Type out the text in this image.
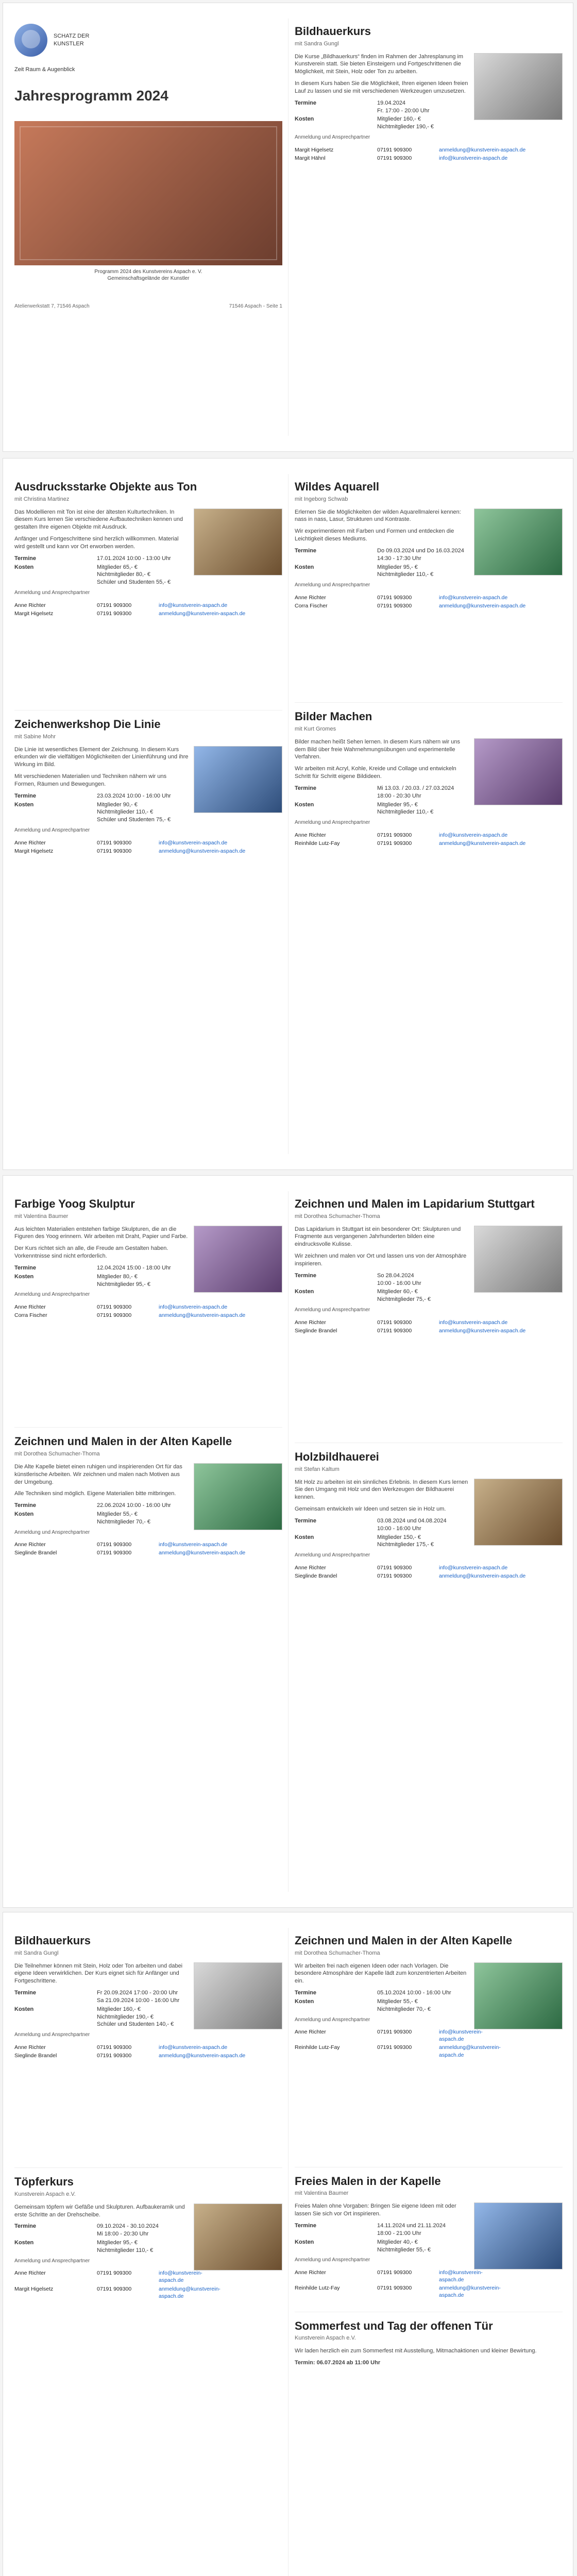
SCHATZ DER
KUNSTLER
Zeit Raum & Augenblick
Jahresprogramm 2024
Programm 2024 des Kunstvereins Aspach e. V.
Gemeinschaftsgelände der Kunstler
Atelierwerkstatt 7, 71546 Aspach	71546 Aspach - Seite 1
Bildhauerkurs
mit Sandra Gungl
Die Kurse „Bildhauerkurs“ finden im Rahmen der Jahresplanung im Kunstverein statt. Sie bieten Einsteigern und Fortgeschrittenen die Möglichkeit, mit Stein, Holz oder Ton zu arbeiten.
In diesem Kurs haben Sie die Möglichkeit, Ihren eigenen Ideen freien Lauf zu lassen und sie mit verschiedenen Werkzeugen umzusetzen.
Termine	19.04.2024
Fr. 17:00 - 20:00 Uhr
Kosten	Mitglieder 160,- €
Nichtmitglieder 190,- €
Anmeldung und Ansprechpartner
Margit Higelsetz	07191 909300	anmeldung@kunstverein-aspach.de
Margit Hähnl	07191 909300	info@kunstverein-aspach.de
Ausdrucksstarke Objekte aus Ton
mit Christina Martinez
Das Modellieren mit Ton ist eine der ältesten Kulturtechniken. In diesem Kurs lernen Sie verschiedene Aufbautechniken kennen und gestalten Ihre eigenen Objekte mit Ausdruck.
Anfänger und Fortgeschrittene sind herzlich willkommen. Material wird gestellt und kann vor Ort erworben werden.
Termine	17.01.2024 10:00 - 13:00 Uhr
Kosten	Mitglieder 65,- €
Nichtmitglieder 80,- €
Schüler und Studenten 55,- €
Anmeldung und Ansprechpartner
Anne Richter	07191 909300	info@kunstverein-aspach.de
Margit Higelsetz	07191 909300	anmeldung@kunstverein-aspach.de
Zeichenwerkshop Die Linie
mit Sabine Mohr
Die Linie ist wesentliches Element der Zeichnung. In diesem Kurs erkunden wir die vielfältigen Möglichkeiten der Linienführung und ihre Wirkung im Bild.
Mit verschiedenen Materialien und Techniken nähern wir uns Formen, Räumen und Bewegungen.
Termine	23.03.2024 10:00 - 16:00 Uhr
Kosten	Mitglieder 90,- €
Nichtmitglieder 110,- €
Schüler und Studenten 75,- €
Anmeldung und Ansprechpartner
Anne Richter	07191 909300	info@kunstverein-aspach.de
Margit Higelsetz	07191 909300	anmeldung@kunstverein-aspach.de
Wildes Aquarell
mit Ingeborg Schwab
Erlernen Sie die Möglichkeiten der wilden Aquarellmalerei kennen: nass in nass, Lasur, Strukturen und Kontraste.
Wir experimentieren mit Farben und Formen und entdecken die Leichtigkeit dieses Mediums.
Termine	Do 09.03.2024 und Do 16.03.2024
14:30 - 17:30 Uhr
Kosten	Mitglieder 95,- €
Nichtmitglieder 110,- €
Anmeldung und Ansprechpartner
Anne Richter	07191 909300	info@kunstverein-aspach.de
Corra Fischer	07191 909300	anmeldung@kunstverein-aspach.de
Bilder Machen
mit Kurt Gromes
Bilder machen heißt Sehen lernen. In diesem Kurs nähern wir uns dem Bild über freie Wahrnehmungsübungen und experimentelle Verfahren.
Wir arbeiten mit Acryl, Kohle, Kreide und Collage und entwickeln Schritt für Schritt eigene Bildideen.
Termine	Mi 13.03. / 20.03. / 27.03.2024
18:00 - 20:30 Uhr
Kosten	Mitglieder 95,- €
Nichtmitglieder 110,- €
Anmeldung und Ansprechpartner
Anne Richter	07191 909300	info@kunstverein-aspach.de
Reinhilde Lutz-Fay	07191 909300	anmeldung@kunstverein-aspach.de
Farbige Yoog Skulptur
mit Valentina Baumer
Aus leichten Materialien entstehen farbige Skulpturen, die an die Figuren des Yoog erinnern. Wir arbeiten mit Draht, Papier und Farbe.
Der Kurs richtet sich an alle, die Freude am Gestalten haben. Vorkenntnisse sind nicht erforderlich.
Termine	12.04.2024 15:00 - 18:00 Uhr
Kosten	Mitglieder 80,- €
Nichtmitglieder 95,- €
Anmeldung und Ansprechpartner
Anne Richter	07191 909300	info@kunstverein-aspach.de
Corra Fischer	07191 909300	anmeldung@kunstverein-aspach.de
Zeichnen und Malen in der Alten Kapelle
mit Dorothea Schumacher-Thoma
Die Alte Kapelle bietet einen ruhigen und inspirierenden Ort für das künstlerische Arbeiten. Wir zeichnen und malen nach Motiven aus der Umgebung.
Alle Techniken sind möglich. Eigene Materialien bitte mitbringen.
Termine	22.06.2024 10:00 - 16:00 Uhr
Kosten	Mitglieder 55,- €
Nichtmitglieder 70,- €
Anmeldung und Ansprechpartner
Anne Richter	07191 909300	info@kunstverein-aspach.de
Sieglinde Brandel	07191 909300	anmeldung@kunstverein-aspach.de
Zeichnen und Malen im Lapidarium Stuttgart
mit Dorothea Schumacher-Thoma
Das Lapidarium in Stuttgart ist ein besonderer Ort: Skulpturen und Fragmente aus vergangenen Jahrhunderten bilden eine eindrucksvolle Kulisse.
Wir zeichnen und malen vor Ort und lassen uns von der Atmosphäre inspirieren.
Termine	So 28.04.2024
10:00 - 16:00 Uhr
Kosten	Mitglieder 60,- €
Nichtmitglieder 75,- €
Anmeldung und Ansprechpartner
Anne Richter	07191 909300	info@kunstverein-aspach.de
Sieglinde Brandel	07191 909300	anmeldung@kunstverein-aspach.de
Holzbildhauerei
mit Stefan Kaltum
Mit Holz zu arbeiten ist ein sinnliches Erlebnis. In diesem Kurs lernen Sie den Umgang mit Holz und den Werkzeugen der Bildhauerei kennen.
Gemeinsam entwickeln wir Ideen und setzen sie in Holz um.
Termine	03.08.2024 und 04.08.2024
10:00 - 16:00 Uhr
Kosten	Mitglieder 150,- €
Nichtmitglieder 175,- €
Anmeldung und Ansprechpartner
Anne Richter	07191 909300	info@kunstverein-aspach.de
Sieglinde Brandel	07191 909300	anmeldung@kunstverein-aspach.de
Bildhauerkurs
mit Sandra Gungl
Die Teilnehmer können mit Stein, Holz oder Ton arbeiten und dabei eigene Ideen verwirklichen. Der Kurs eignet sich für Anfänger und Fortgeschrittene.
Termine	Fr 20.09.2024 17:00 - 20:00 Uhr
Sa 21.09.2024 10:00 - 16:00 Uhr
Kosten	Mitglieder 160,- €
Nichtmitglieder 190,- €
Schüler und Studenten 140,- €
Anmeldung und Ansprechpartner
Anne Richter	07191 909300	info@kunstverein-aspach.de
Sieglinde Brandel	07191 909300	anmeldung@kunstverein-aspach.de
Töpferkurs
Kunstverein Aspach e.V.
Gemeinsam töpfern wir Gefäße und Skulpturen. Aufbaukeramik und erste Schritte an der Drehscheibe.
Termine	09.10.2024 - 30.10.2024
Mi 18:00 - 20:30 Uhr
Kosten	Mitglieder 95,- €
Nichtmitglieder 110,- €
Anmeldung und Ansprechpartner
Anne Richter	07191 909300	info@kunstverein-aspach.de
Margit Higelsetz	07191 909300	anmeldung@kunstverein-aspach.de
Zeichnen und Malen in der Alten Kapelle
mit Dorothea Schumacher-Thoma
Wir arbeiten frei nach eigenen Ideen oder nach Vorlagen. Die besondere Atmosphäre der Kapelle lädt zum konzentrierten Arbeiten ein.
Termine	05.10.2024 10:00 - 16:00 Uhr
Kosten	Mitglieder 55,- €
Nichtmitglieder 70,- €
Anmeldung und Ansprechpartner
Anne Richter	07191 909300	info@kunstverein-aspach.de
Reinhilde Lutz-Fay	07191 909300	anmeldung@kunstverein-aspach.de
Freies Malen in der Kapelle
mit Valentina Baumer
Freies Malen ohne Vorgaben: Bringen Sie eigene Ideen mit oder lassen Sie sich vor Ort inspirieren.
Termine	14.11.2024 und 21.11.2024
18:00 - 21:00 Uhr
Kosten	Mitglieder 40,- €
Nichtmitglieder 55,- €
Anmeldung und Ansprechpartner
Anne Richter	07191 909300	info@kunstverein-aspach.de
Reinhilde Lutz-Fay	07191 909300	anmeldung@kunstverein-aspach.de
Sommerfest und Tag der offenen Tür
Kunstverein Aspach e.V.
Wir laden herzlich ein zum Sommerfest mit Ausstellung, Mitmachaktionen und kleiner Bewirtung.
Termin: 06.07.2024 ab 11:00 Uhr
